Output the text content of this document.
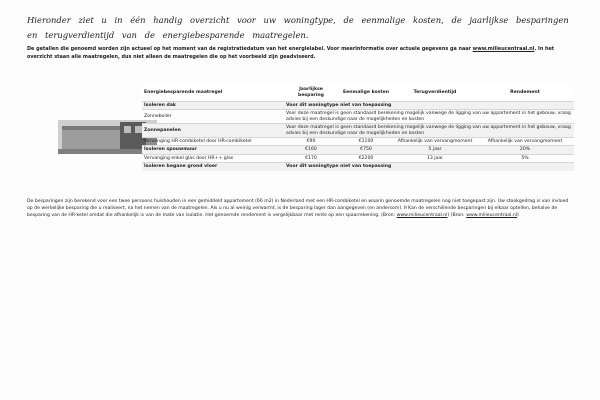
Hieronder ziet u in één handig overzicht voor uw woningtype, de eenmalige kosten, de jaarlijkse besparingen en terugverdientijd van de energiebesparende maatregelen.
De getallen die genoemd worden zijn actueel op het moment van de registratiedatum van het energielabel. Voor meerinformatie over actuele gegevens ga naar www.milieucentraal.nl. In het overzicht staan alle maatregelen, dus niet alleen de maatregelen die op het voorbeeld zijn geadviseerd.
Energiebesparende maatregel	Jaarlijkse besparing	Eenmalige kosten	Terugverdientijd	Rendement
Isoleren dak	Voor dit woningtype niet van toepassing			
Zonneboiler	Voor deze maatregel is geen standaard berekening mogelijk vanwege de ligging van uw appartement in het gebouw, vraag advies bij een deskundige naar de mogelijkheden en kosten			
Zonnepanelen	Voor deze maatregel is geen standaard berekening mogelijk vanwege de ligging van uw appartement in het gebouw, vraag advies bij een deskundige naar de mogelijkheden en kosten			
Vervanging HR-combiketel door HR-combiketel	€90	€1100	Afhankelijk van vervangmoment	Afhankelijk van vervangmoment
Isoleren spouwmuur	€160	€750	5 jaar	20%
Vervanging enkel glas door HR++ glas	€170	€2200	13 jaar	5%
Isoleren begane grond vloer	Voor dit woningtype niet van toepassing			
De besparingen zijn berekend voor een twee persoons huishouden in een gemiddeld appartement (66 m2) in Nederland met een HR-combiketel en waarin genoemde maatregelen nog niet toegepast zijn. Uw stookgedrag is van invloed op de werkelijke besparing die u realiseert, na het nemen van de maatregelen. Als u nu al weinig verwarmt, is de besparing lager dan aangegeven (en andersom). Ił Kan de verschillende besparingen bij elkaar optellen, behalve de besparing van de HR-ketel omdat die afhankelijk is van de mate van isolatie. Het genoemde rendement is vergelijkbaar met rente op een spaarrekening. (Bron: www.milieucentraal.nl) (Bron: www.milieucentraal.nl)
